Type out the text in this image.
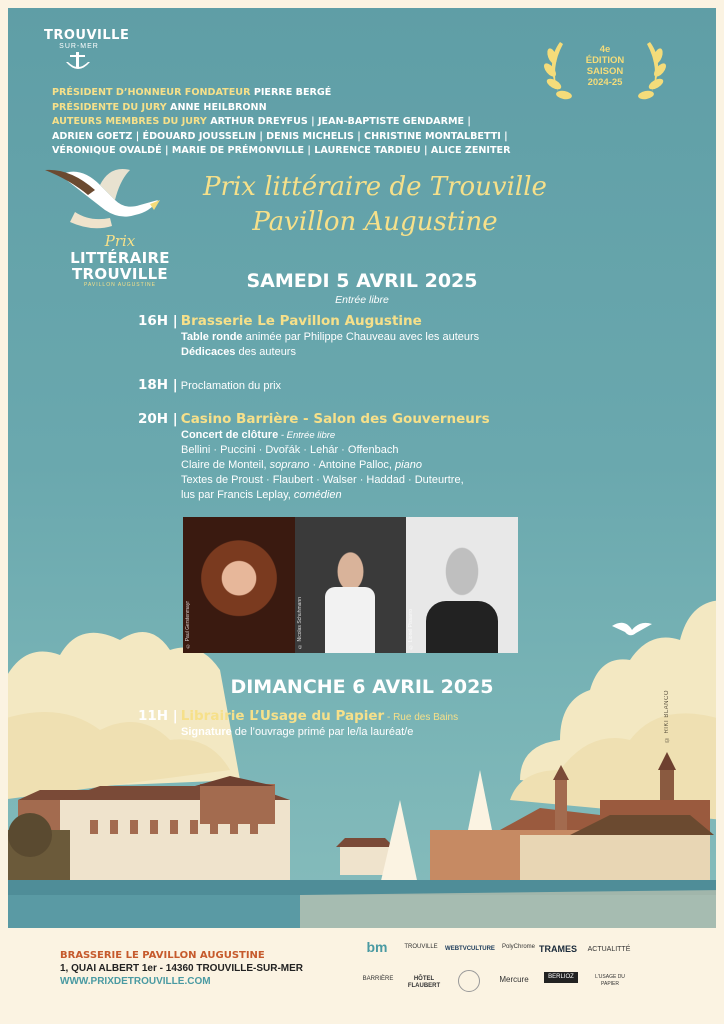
TROUVILLE
SUR-MER	4e
ÉDITION
SAISON
2024-25
PRÉSIDENT D’HONNEUR FONDATEUR PIERRE BERGÉ
PRÉSIDENTE DU JURY ANNE HEILBRONN
AUTEURS MEMBRES DU JURY ARTHUR DREYFUS | JEAN-BAPTISTE GENDARME |
ADRIEN GOETZ | ÉDOUARD JOUSSELIN | DENIS MICHELIS | CHRISTINE MONTALBETTI |
VÉRONIQUE OVALDÉ | MARIE DE PRÉMONVILLE | LAURENCE TARDIEU | ALICE ZENITER
Prix
LITTÉRAIRE
TROUVILLE
PAVILLON AUGUSTINE
Prix littéraire de Trouville
Pavillon Augustine
SAMEDI 5 AVRIL 2025
Entrée libre
16H | Brasserie Le Pavillon Augustine
Table ronde animée par Philippe Chauveau avec les auteurs
Dédicaces des auteurs
18H | Proclamation du prix
20H | Casino Barrière - Salon des Gouverneurs
Concert de clôture - Entrée libre
Bellini · Puccini · Dvořák · Lehár · Offenbach
Claire de Monteil, soprano · Antoine Palloc, piano
Textes de Proust · Flaubert · Walser · Haddad · Duteurtre,
lus par Francis Leplay, comédien
© Paul Gerstenmayr	© Nicolas Schuhmann	© Lionel Pissarro
DIMANCHE 6 AVRIL 2025
11H | Librairie L’Usage du Papier - Rue des Bains
Signature de l’ouvrage primé par le/la lauréat/e	© RIKI BLANCO
BRASSERIE LE PAVILLON AUGUSTINE
1, QUAI ALBERT 1er - 14360 TROUVILLE-SUR-MER
WWW.PRIXDETROUVILLE.COM
bm	TROUVILLE	WEBTVCULTURE	PolyChrome TRAMES	ACTUALITTÉ
BARRIÈRE	HÔTEL FLAUBERT
Mercure	BERLIOZ	L'USAGE DU PAPIER
